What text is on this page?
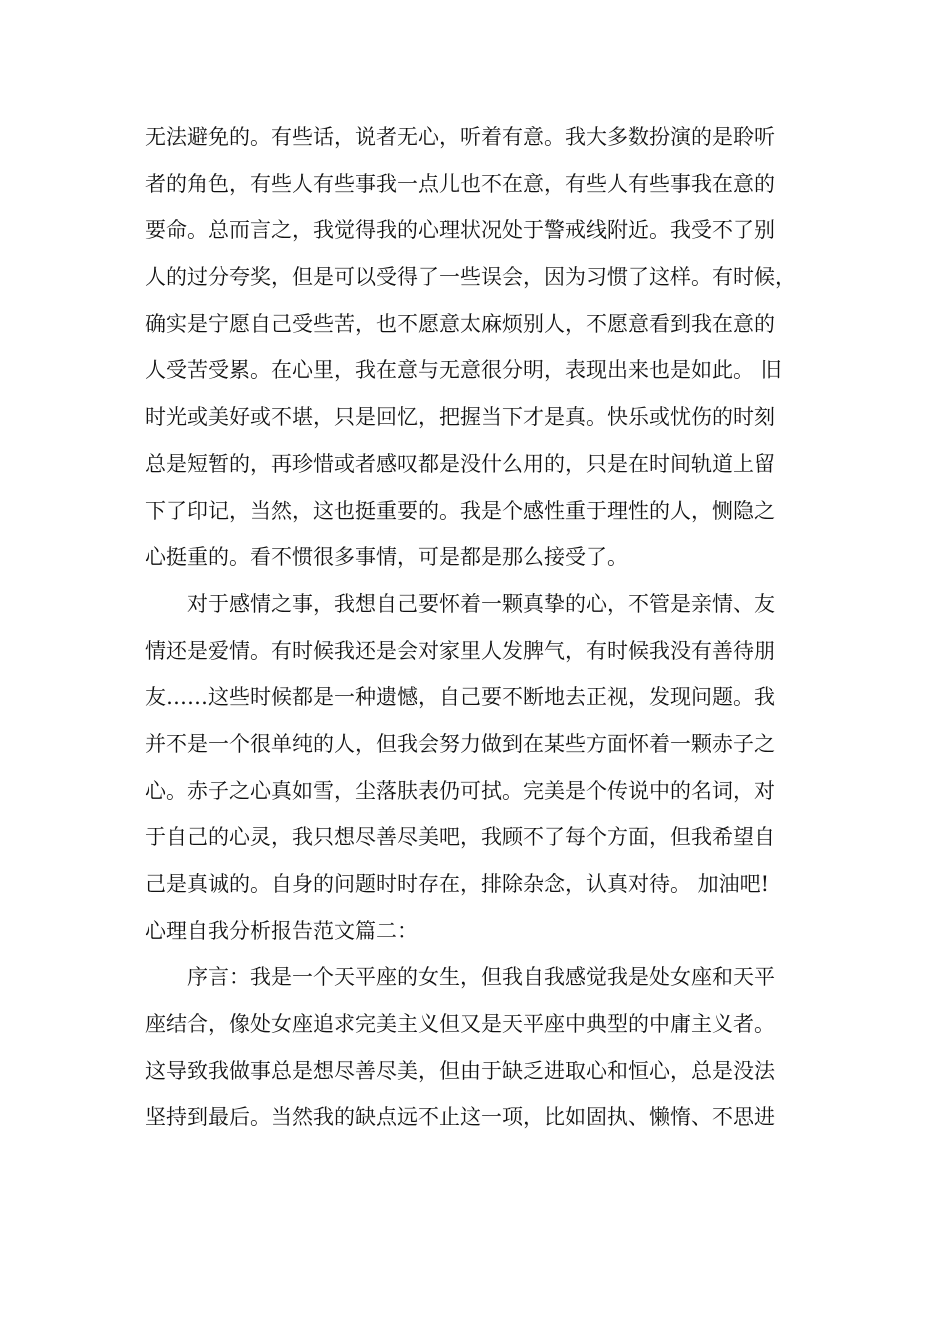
无法避免的。有些话，说者无心，听着有意。我大多数扮演的是聆听
者的角色，有些人有些事我一点儿也不在意，有些人有些事我在意的
要命。总而言之，我觉得我的心理状况处于警戒线附近。我受不了别
人的过分夸奖，但是可以受得了一些误会，因为习惯了这样。有时候，
确实是宁愿自己受些苦，也不愿意太麻烦别人，不愿意看到我在意的
人受苦受累。在心里，我在意与无意很分明，表现出来也是如此。 旧
时光或美好或不堪，只是回忆，把握当下才是真。快乐或忧伤的时刻
总是短暂的，再珍惜或者感叹都是没什么用的，只是在时间轨道上留
下了印记，当然，这也挺重要的。我是个感性重于理性的人，恻隐之
心挺重的。看不惯很多事情，可是都是那么接受了。
对于感情之事，我想自己要怀着一颗真挚的心，不管是亲情、友
情还是爱情。有时候我还是会对家里人发脾气，有时候我没有善待朋
友……这些时候都是一种遗憾，自己要不断地去正视，发现问题。我
并不是一个很单纯的人，但我会努力做到在某些方面怀着一颗赤子之
心。赤子之心真如雪，尘落肤表仍可拭。完美是个传说中的名词，对
于自己的心灵，我只想尽善尽美吧，我顾不了每个方面，但我希望自
己是真诚的。自身的问题时时存在，排除杂念，认真对待。 加油吧!
心理自我分析报告范文篇二：
序言：我是一个天平座的女生，但我自我感觉我是处女座和天平
座结合，像处女座追求完美主义但又是天平座中典型的中庸主义者。
这导致我做事总是想尽善尽美，但由于缺乏进取心和恒心，总是没法
坚持到最后。当然我的缺点远不止这一项，比如固执、懒惰、不思进
